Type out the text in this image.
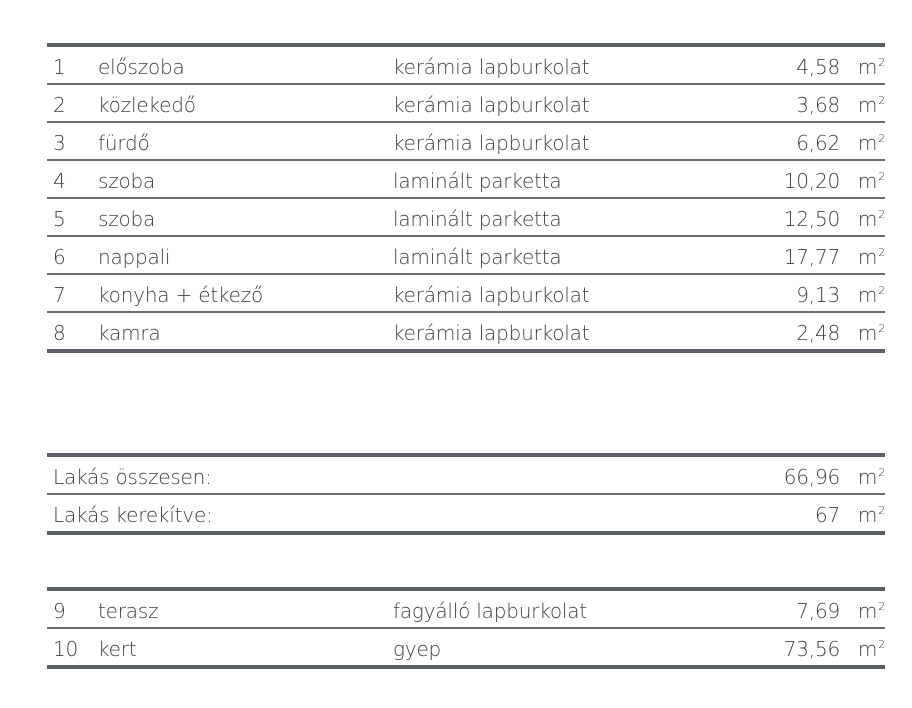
1 előszoba	kerámia lapburkolat	4,58 $m^2$
2 közlekedő	kerámia lapburkolat	3,68 $m^2$
3 fürdő	kerámia lapburkolat	6,62 $m^2$
4 szoba	laminált parketta	10,20 $m^2$
5 szoba	laminált parketta	12,50 $m^2$
6 nappali	laminált parketta	17,77 $m^2$
7 konyha + étkező	kerámia lapburkolat	9,13 $m^2$
8 kamra	kerámia lapburkolat	2,48 $m^2$
Lakás összesen:	66,96 $m^2$
Lakás kerekítve:	67 $m^2$
9 terasz	fagyálló lapburkolat	7,69 $m^2$
10 kert	gyep	73,56 $m^2$
